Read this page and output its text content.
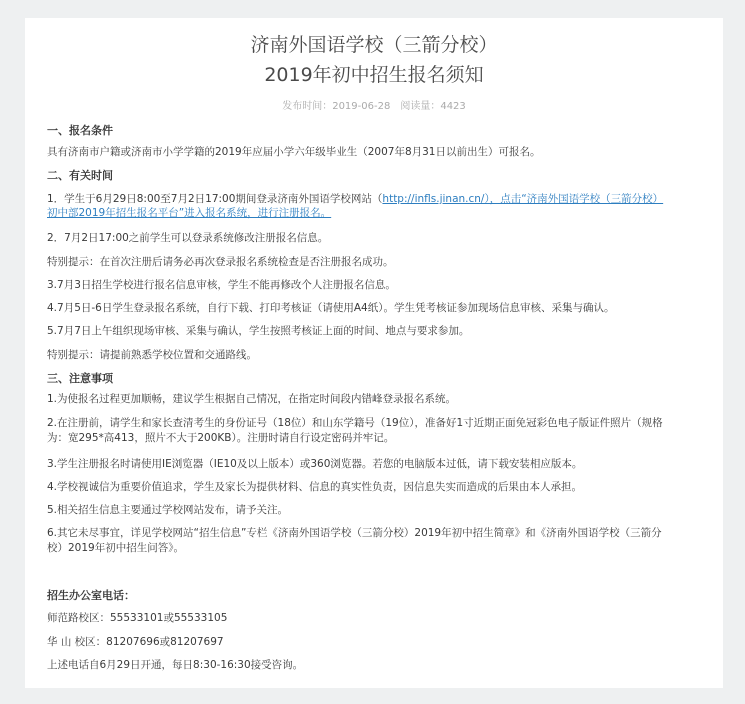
济南外国语学校（三箭分校）
2019年初中招生报名须知
发布时间：2019-06-28 阅读量：4423
一、报名条件
具有济南市户籍或济南市小学学籍的2019年应届小学六年级毕业生（2007年8月31日以前出生）可报名。
二、有关时间
1．学生于6月29日8:00至7月2日17:00期间登录济南外国语学校网站（http://infls.jinan.cn/），点击“济南外国语学校（三箭分校）
初中部2019年招生报名平台”进入报名系统，进行注册报名。
2．7月2日17:00之前学生可以登录系统修改注册报名信息。
特别提示：在首次注册后请务必再次登录报名系统检查是否注册报名成功。
3.7月3日招生学校进行报名信息审核，学生不能再修改个人注册报名信息。
4.7月5日-6日学生登录报名系统，自行下载、打印考核证（请使用A4纸）。学生凭考核证参加现场信息审核、采集与确认。
5.7月7日上午组织现场审核、采集与确认，学生按照考核证上面的时间、地点与要求参加。
特别提示：请提前熟悉学校位置和交通路线。
三、注意事项
1.为使报名过程更加顺畅，建议学生根据自己情况，在指定时间段内错峰登录报名系统。
2.在注册前，请学生和家长查清考生的身份证号（18位）和山东学籍号（19位），准备好1寸近期正面免冠彩色电子版证件照片（规格
为：宽295*高413，照片不大于200KB）。注册时请自行设定密码并牢记。
3.学生注册报名时请使用IE浏览器（IE10及以上版本）或360浏览器。若您的电脑版本过低，请下载安装相应版本。
4.学校视诚信为重要价值追求，学生及家长为提供材料、信息的真实性负责，因信息失实而造成的后果由本人承担。
5.相关招生信息主要通过学校网站发布，请予关注。
6.其它未尽事宜，详见学校网站“招生信息”专栏《济南外国语学校（三箭分校）2019年初中招生简章》和《济南外国语学校（三箭分
校）2019年初中招生问答》。
招生办公室电话：
师范路校区：55533101或55533105
华 山 校区：81207696或81207697
上述电话自6月29日开通，每日8:30-16:30接受咨询。
